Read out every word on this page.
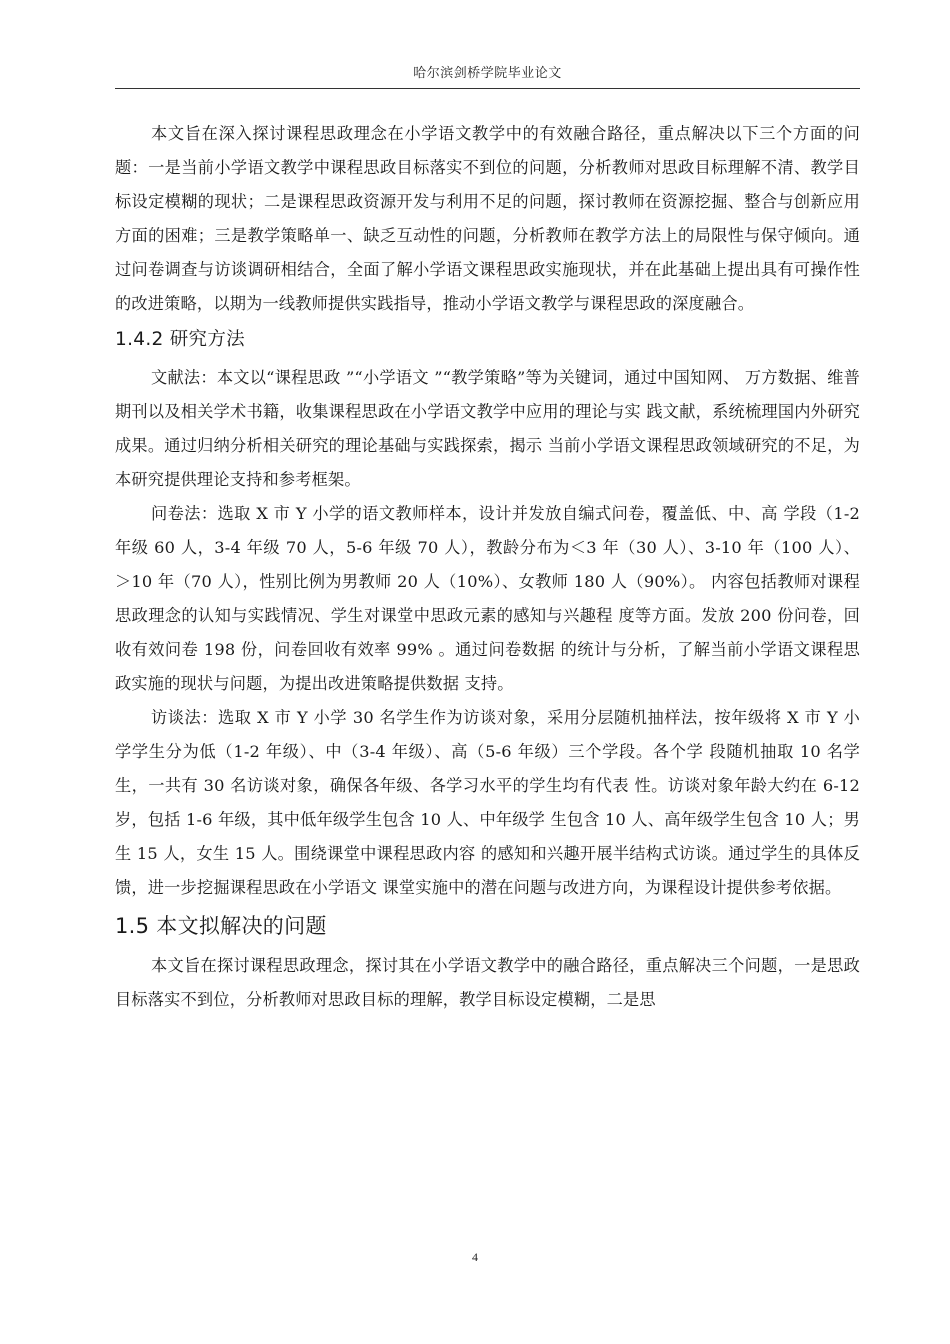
哈尔滨剑桥学院毕业论文

本文旨在深入探讨课程思政理念在小学语文教学中的有效融合路径，重点解决以下三个方面的问题：一是当前小学语文教学中课程思政目标落实不到位的问题，分析教师对思政目标理解不清、教学目标设定模糊的现状；二是课程思政资源开发与利用不足的问题，探讨教师在资源挖掘、整合与创新应用方面的困难；三是教学策略单一、缺乏互动性的问题，分析教师在教学方法上的局限性与保守倾向。通过问卷调查与访谈调研相结合，全面了解小学语文课程思政实施现状，并在此基础上提出具有可操作性的改进策略，以期为一线教师提供实践指导，推动小学语文教学与课程思政的深度融合。

1.4.2 研究方法

文献法：本文以“课程思政 ”“小学语文 ”“教学策略”等为关键词，通过中国知网、 万方数据、维普期刊以及相关学术书籍，收集课程思政在小学语文教学中应用的理论与实 践文献，系统梳理国内外研究成果。通过归纳分析相关研究的理论基础与实践探索，揭示 当前小学语文课程思政领域研究的不足，为本研究提供理论支持和参考框架。

问卷法：选取 X 市 Y 小学的语文教师样本，设计并发放自编式问卷，覆盖低、中、高 学段（1-2 年级 60 人，3-4 年级 70 人，5-6 年级 70 人），教龄分布为＜3 年（30 人）、3-10 年（100 人）、＞10 年（70 人），性别比例为男教师 20 人（10%）、女教师 180 人（90%）。 内容包括教师对课程思政理念的认知与实践情况、学生对课堂中思政元素的感知与兴趣程 度等方面。发放 200 份问卷，回收有效问卷 198 份，问卷回收有效率 99% 。通过问卷数据 的统计与分析，了解当前小学语文课程思政实施的现状与问题，为提出改进策略提供数据 支持。

访谈法：选取 X 市 Y 小学 30 名学生作为访谈对象，采用分层随机抽样法，按年级将 X 市 Y 小学学生分为低（1-2 年级）、中（3-4 年级）、高（5-6 年级）三个学段。各个学 段随机抽取 10 名学生，一共有 30 名访谈对象，确保各年级、各学习水平的学生均有代表 性。访谈对象年龄大约在 6-12 岁，包括 1-6 年级，其中低年级学生包含 10 人、中年级学 生包含 10 人、高年级学生包含 10 人；男生 15 人，女生 15 人。围绕课堂中课程思政内容 的感知和兴趣开展半结构式访谈。通过学生的具体反馈，进一步挖掘课程思政在小学语文 课堂实施中的潜在问题与改进方向，为课程设计提供参考依据。

1.5 本文拟解决的问题

本文旨在探讨课程思政理念，探讨其在小学语文教学中的融合路径，重点解决三个问题，一是思政目标落实不到位，分析教师对思政目标的理解，教学目标设定模糊，二是思

4
